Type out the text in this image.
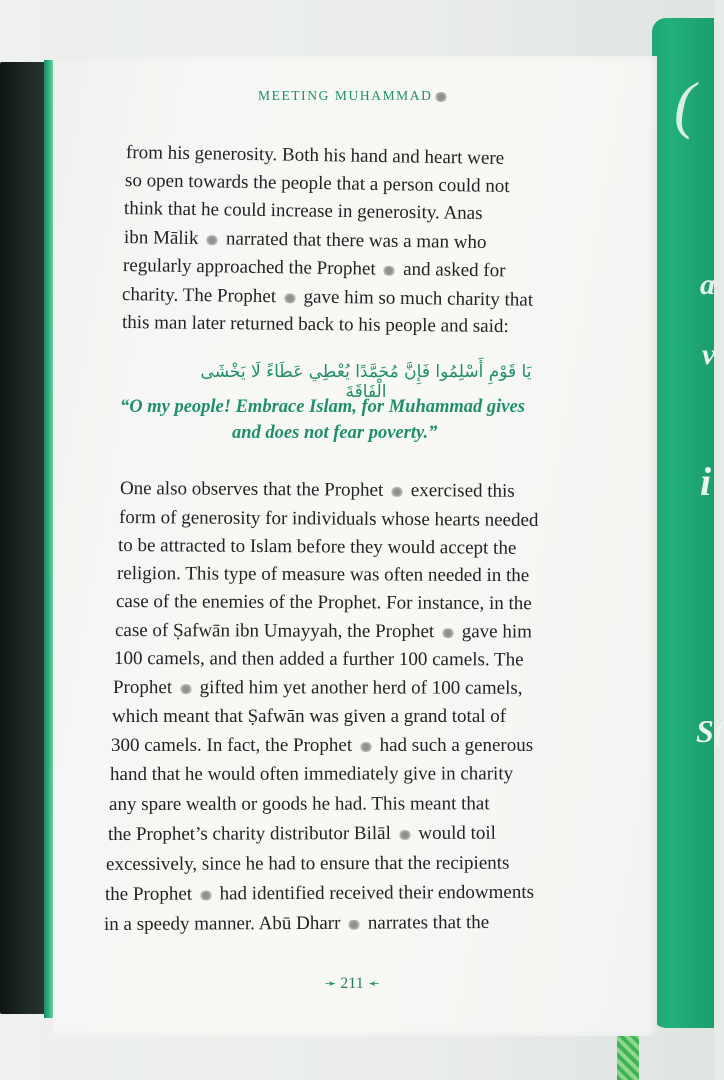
(
a
v
i
S(
MEETING MUHAMMAD
from his generosity. Both his hand and heart were
so open towards the people that a person could not
think that he could increase in generosity. Anas
ibn Mālik narrated that there was a man who
regularly approached the Prophet and asked for
charity. The Prophet gave him so much charity that
this man later returned back to his people and said:
يَا قَوْمِ أَسْلِمُوا فَإِنَّ مُحَمَّدًا يُعْطِي عَطَاءً لَا يَخْشَى الْفَاقَةَ
“O my people! Embrace Islam, for Muhammad gives
and does not fear poverty.”
One also observes that the Prophet exercised this
form of generosity for individuals whose hearts needed
to be attracted to Islam before they would accept the
religion. This type of measure was often needed in the
case of the enemies of the Prophet. For instance, in the
case of Ṣafwān ibn Umayyah, the Prophet gave him
100 camels, and then added a further 100 camels. The
Prophet gifted him yet another herd of 100 camels,
which meant that Ṣafwān was given a grand total of
300 camels. In fact, the Prophet had such a generous
hand that he would often immediately give in charity
any spare wealth or goods he had. This meant that
the Prophet’s charity distributor Bilāl would toil
excessively, since he had to ensure that the recipients
the Prophet had identified received their endowments
in a speedy manner. Abū Dharr narrates that the
➛ 211 ➛
